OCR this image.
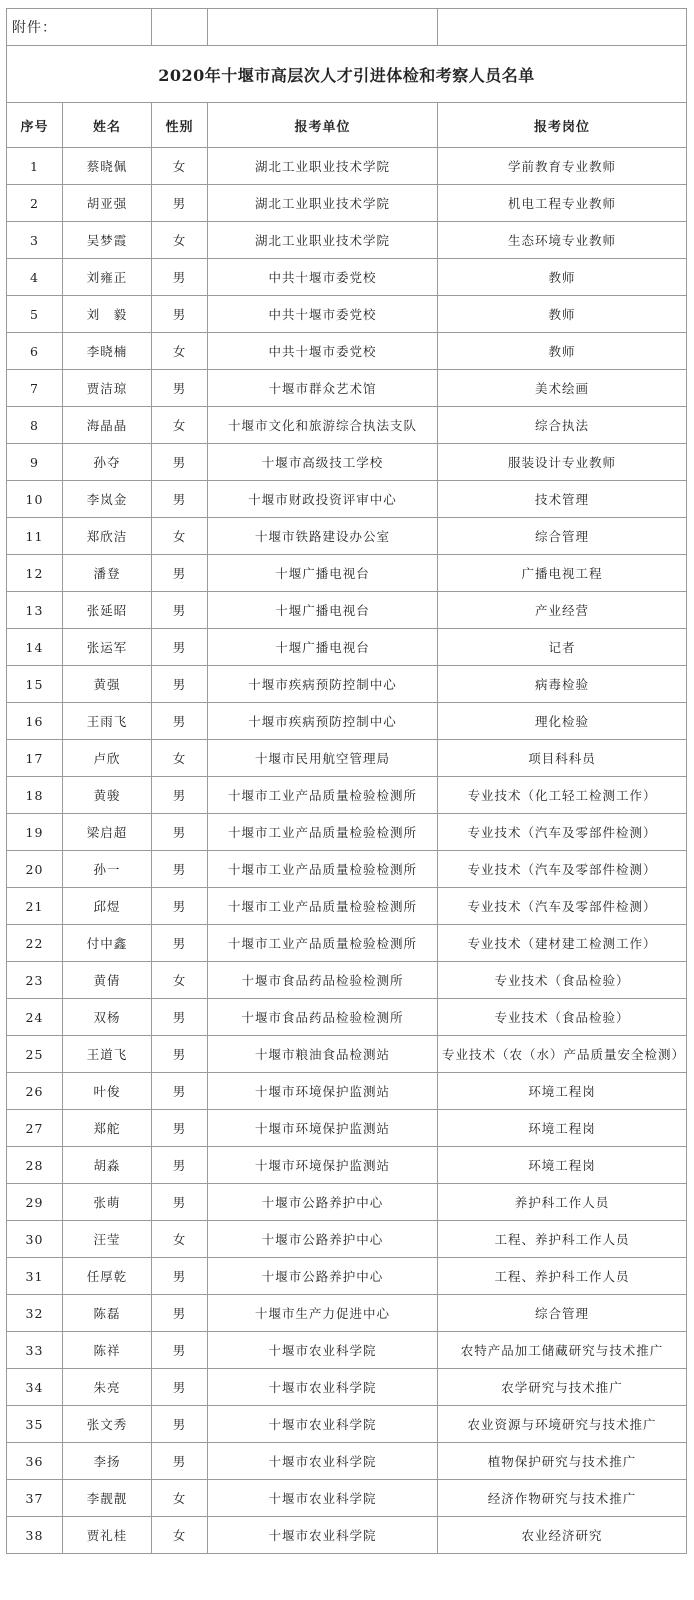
附件：				
2020年十堰市高层次人才引进体检和考察人员名单				
序号	姓名	性别	报考单位	报考岗位
1	蔡晓佩	女	湖北工业职业技术学院	学前教育专业教师
2	胡亚强	男	湖北工业职业技术学院	机电工程专业教师
3	吴梦霞	女	湖北工业职业技术学院	生态环境专业教师
4	刘雍正	男	中共十堰市委党校	教师
5	刘　毅	男	中共十堰市委党校	教师
6	李晓楠	女	中共十堰市委党校	教师
7	贾洁琼	男	十堰市群众艺术馆	美术绘画
8	海晶晶	女	十堰市文化和旅游综合执法支队	综合执法
9	孙夺	男	十堰市高级技工学校	服装设计专业教师
10	李岚金	男	十堰市财政投资评审中心	技术管理
11	郑欣洁	女	十堰市铁路建设办公室	综合管理
12	潘登	男	十堰广播电视台	广播电视工程
13	张延昭	男	十堰广播电视台	产业经营
14	张运军	男	十堰广播电视台	记者
15	黄强	男	十堰市疾病预防控制中心	病毒检验
16	王雨飞	男	十堰市疾病预防控制中心	理化检验
17	卢欣	女	十堰市民用航空管理局	项目科科员
18	黄骏	男	十堰市工业产品质量检验检测所	专业技术（化工轻工检测工作）
19	梁启超	男	十堰市工业产品质量检验检测所	专业技术（汽车及零部件检测）
20	孙一	男	十堰市工业产品质量检验检测所	专业技术（汽车及零部件检测）
21	邱煜	男	十堰市工业产品质量检验检测所	专业技术（汽车及零部件检测）
22	付中鑫	男	十堰市工业产品质量检验检测所	专业技术（建材建工检测工作）
23	黄倩	女	十堰市食品药品检验检测所	专业技术（食品检验）
24	双杨	男	十堰市食品药品检验检测所	专业技术（食品检验）
25	王道飞	男	十堰市粮油食品检测站	专业技术（农（水）产品质量安全检测）
26	叶俊	男	十堰市环境保护监测站	环境工程岗
27	郑舵	男	十堰市环境保护监测站	环境工程岗
28	胡淼	男	十堰市环境保护监测站	环境工程岗
29	张萌	男	十堰市公路养护中心	养护科工作人员
30	汪莹	女	十堰市公路养护中心	工程、养护科工作人员
31	任厚乾	男	十堰市公路养护中心	工程、养护科工作人员
32	陈磊	男	十堰市生产力促进中心	综合管理
33	陈祥	男	十堰市农业科学院	农特产品加工储藏研究与技术推广
34	朱亮	男	十堰市农业科学院	农学研究与技术推广
35	张文秀	男	十堰市农业科学院	农业资源与环境研究与技术推广
36	李扬	男	十堰市农业科学院	植物保护研究与技术推广
37	李靓靓	女	十堰市农业科学院	经济作物研究与技术推广
38	贾礼桂	女	十堰市农业科学院	农业经济研究
